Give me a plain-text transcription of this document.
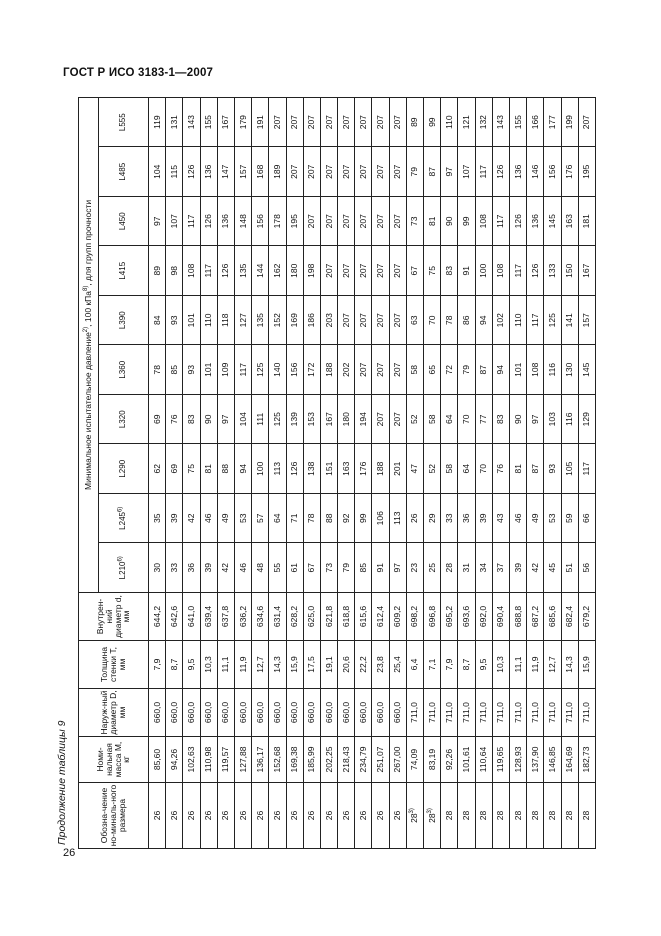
ГОСТ Р ИСО 3183-1—2007
Продолжение таблицы 9	Обозна-чение но-миналь-ного размера	Номи-нальная масса M, кг	Наруж-ный диаметр D, мм	Толщина стенки T, мм	Внутрен-ний диаметр d, мм	Минимальное испытательное давление$^{2)}$, 100 кПа$^{8)}$, для групп прочности									
					L210$^{6)}$	L245$^{6)}$	L290	L320	L360	L390	L415	L450	L485	L555
26	85,60	660,0	7,9	644,2	30	35	62	69	78	84	89	97	104	119
26	94,26	660,0	8,7	642,6	33	39	69	76	85	93	98	107	115	131
26	102,63	660,0	9,5	641,0	36	42	75	83	93	101	108	117	126	143
26	110,98	660,0	10,3	639,4	39	46	81	90	101	110	117	126	136	155
26	119,57	660,0	11,1	637,8	42	49	88	97	109	118	126	136	147	167
26	127,88	660,0	11,9	636,2	46	53	94	104	117	127	135	148	157	179
26	136,17	660,0	12,7	634,6	48	57	100	111	125	135	144	156	168	191
26	152,68	660,0	14,3	631,4	55	64	113	125	140	152	162	178	189	207
26	169,38	660,0	15,9	628,2	61	71	126	139	156	169	180	195	207	207
26	185,99	660,0	17,5	625,0	67	78	138	153	172	186	198	207	207	207
26	202,25	660,0	19,1	621,8	73	88	151	167	188	203	207	207	207	207
26	218,43	660,0	20,6	618,8	79	92	163	180	202	207	207	207	207	207
26	234,79	660,0	22,2	615,6	85	99	176	194	207	207	207	207	207	207
26	251,07	660,0	23,8	612,4	91	106	188	207	207	207	207	207	207	207
26	267,00	660,0	25,4	609,2	97	113	201	207	207	207	207	207	207	207
28$^{3)}$	74,09	711,0	6,4	698,2	23	26	47	52	58	63	67	73	79	89
28$^{3)}$	83,19	711,0	7,1	696,8	25	29	52	58	65	70	75	81	87	99
28	92,26	711,0	7,9	695,2	28	33	58	64	72	78	83	90	97	110
28	101,61	711,0	8,7	693,6	31	36	64	70	79	86	91	99	107	121
28	110,64	711,0	9,5	692,0	34	39	70	77	87	94	100	108	117	132
28	119,65	711,0	10,3	690,4	37	43	76	83	94	102	108	117	126	143
28	128,93	711,0	11,1	688,8	39	46	81	90	101	110	117	126	136	155
28	137,90	711,0	11,9	687,2	42	49	87	97	108	117	126	136	146	166
28	146,85	711,0	12,7	685,6	45	53	93	103	116	125	133	145	156	177
28	164,69	711,0	14,3	682,4	51	59	105	116	130	141	150	163	176	199
28	182,73	711,0	15,9	679,2	56	66	117	129	145	157	167	181	195	207
26
